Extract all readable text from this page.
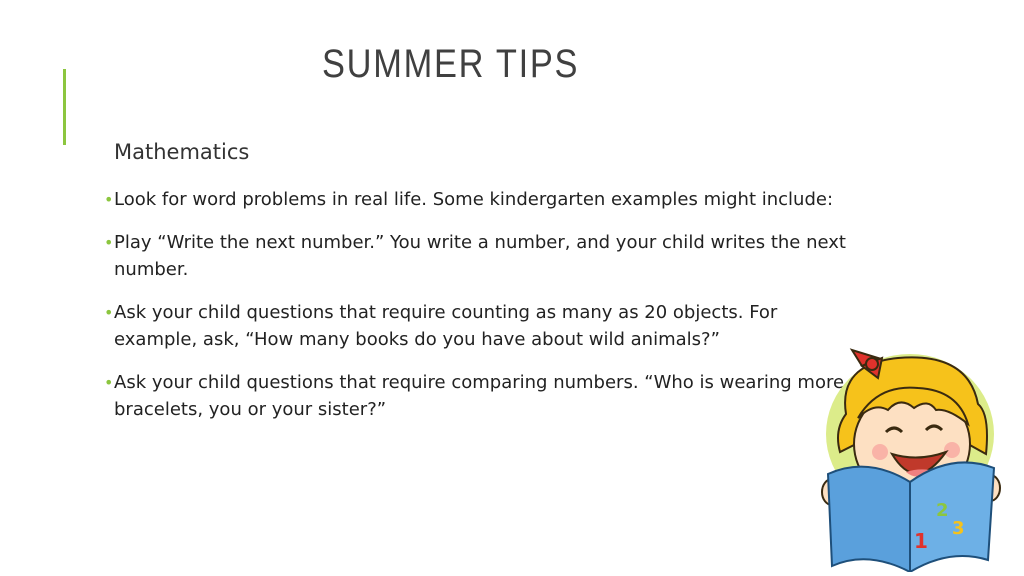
SUMMER TIPS
Mathematics
• Look for word problems in real life. Some kindergarten examples might include:
• Play “Write the next number.” You write a number, and your child writes the next number.
• Ask your child questions that require counting as many as 20 objects. For example, ask, “How many books do you have about wild animals?”
• Ask your child questions that require comparing numbers. “Who is wearing more bracelets, you or your sister?”
2
1
3
